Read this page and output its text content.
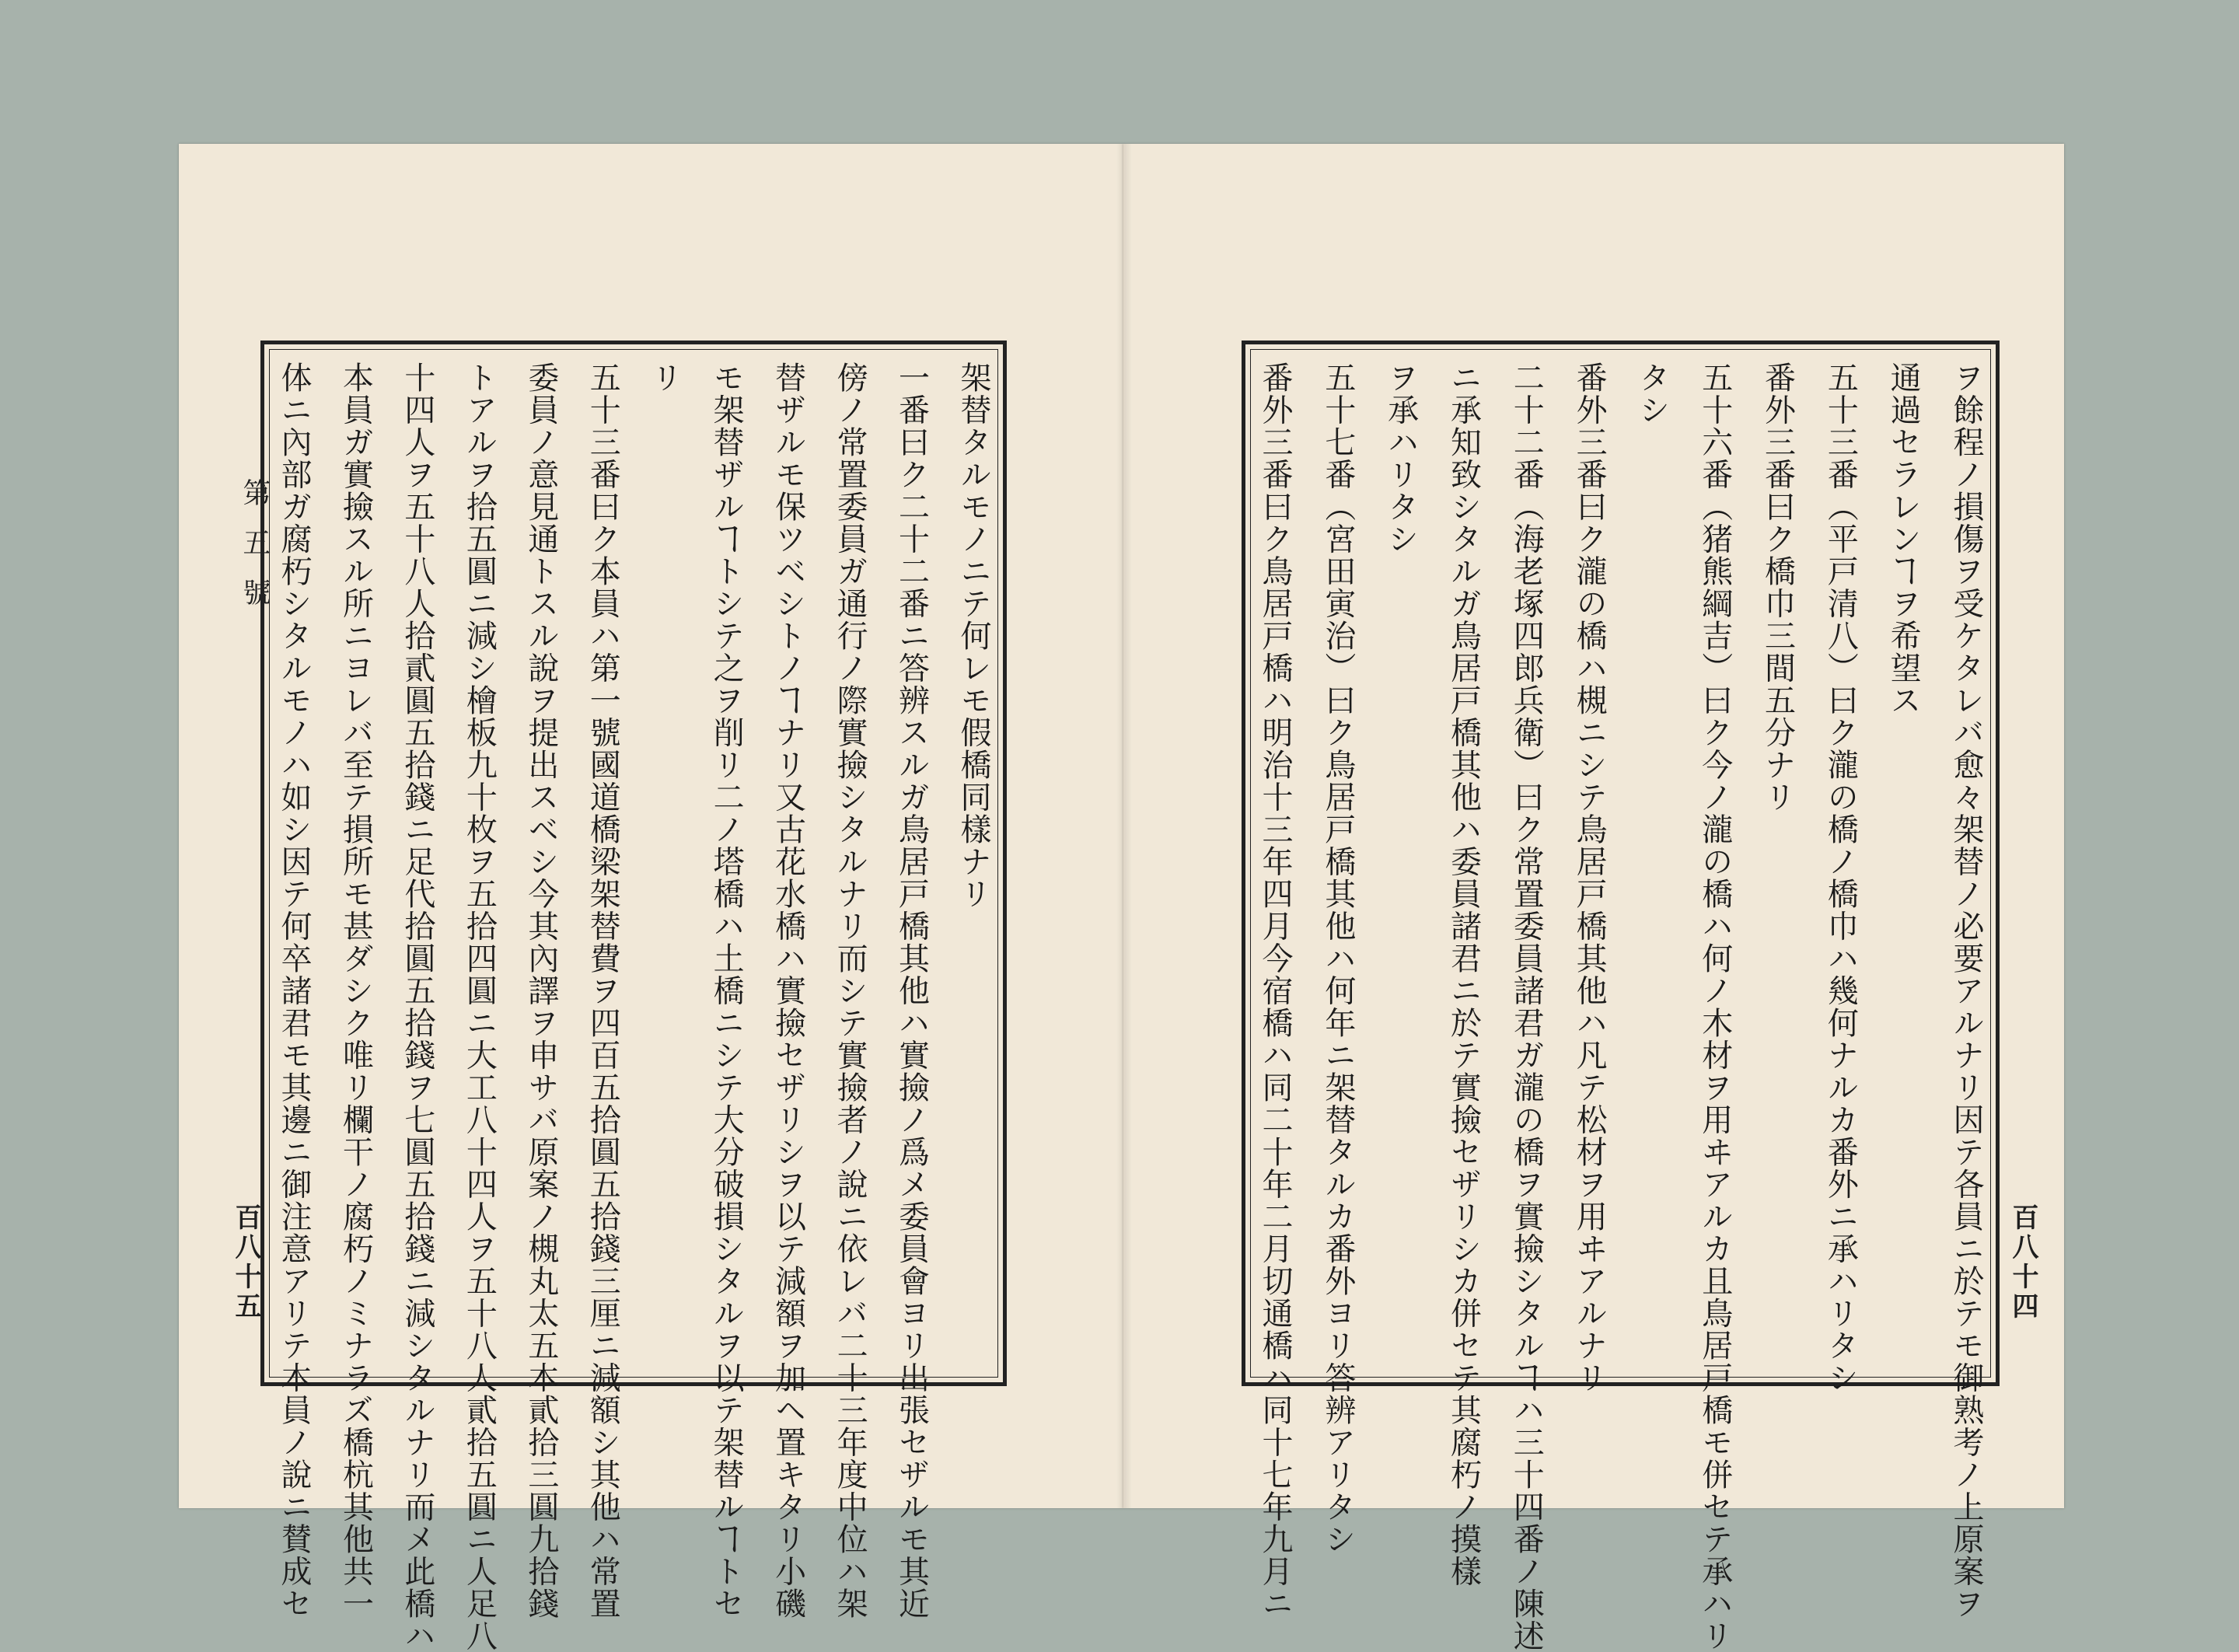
第五號
百八十五	百八十四
架替タルモノニテ何レモ假橋同樣ナリ
一番曰ク二十二番ニ答辨スルガ鳥居戸橋其他ハ實撿ノ爲メ委員會ヨリ出張セザルモ其近
傍ノ常置委員ガ通行ノ際實撿シタルナリ而シテ實撿者ノ說ニ依レバ二十三年度中位ハ架
替ザルモ保ツベシトノヿナリ又古花水橋ハ實撿セザリシヲ以テ減額ヲ加ヘ置キタリ小磯
モ架替ザルヿトシテ之ヲ削リ二ノ塔橋ハ土橋ニシテ大分破損シタルヲ以テ架替ルヿトセ
リ
五十三番曰ク本員ハ第一號國道橋梁架替費ヲ四百五拾圓五拾錢三厘ニ減額シ其他ハ常置
委員ノ意見通トスル說ヲ提出スベシ今其內譯ヲ申サバ原案ノ槻丸太五本貳拾三圓九拾錢
トアルヲ拾五圓ニ減シ檜板九十枚ヲ五拾四圓ニ大工八十四人ヲ五十八人貳拾五圓ニ人足八
十四人ヲ五十八人拾貳圓五拾錢ニ足代拾圓五拾錢ヲ七圓五拾錢ニ減シタルナリ而メ此橋ハ
本員ガ實撿スル所ニヨレバ至テ損所モ甚ダシク唯リ欄干ノ腐朽ノミナラズ橋杭其他共一
体ニ內部ガ腐朽シタルモノハ如シ因テ何卒諸君モ其邊ニ御注意アリテ本員ノ說ニ賛成セ	ヲ餘程ノ損傷ヲ受ケタレバ愈々架替ノ必要アルナリ因テ各員ニ於テモ御熟考ノ上原案ヲ
通過セラレンヿヲ希望ス
五十三番（平戸清八）曰ク瀧の橋ノ橋巾ハ幾何ナルカ番外ニ承ハリタシ
番外三番曰ク橋巾三間五分ナリ
五十六番（猪熊綱吉）曰ク今ノ瀧の橋ハ何ノ木材ヲ用ヰアルカ且鳥居戸橋モ併セテ承ハリ
タシ
番外三番曰ク瀧の橋ハ槻ニシテ鳥居戸橋其他ハ凡テ松材ヲ用ヰアルナリ
二十二番（海老塚四郎兵衛）曰ク常置委員諸君ガ瀧の橋ヲ實撿シタルヿハ三十四番ノ陳述
ニ承知致シタルガ鳥居戸橋其他ハ委員諸君ニ於テ實撿セザリシカ併セテ其腐朽ノ摸樣
ヲ承ハリタシ
五十七番（宮田寅治）曰ク鳥居戸橋其他ハ何年ニ架替タルカ番外ヨリ答辨アリタシ
番外三番曰ク鳥居戸橋ハ明治十三年四月今宿橋ハ同二十年二月切通橋ハ同十七年九月ニ
